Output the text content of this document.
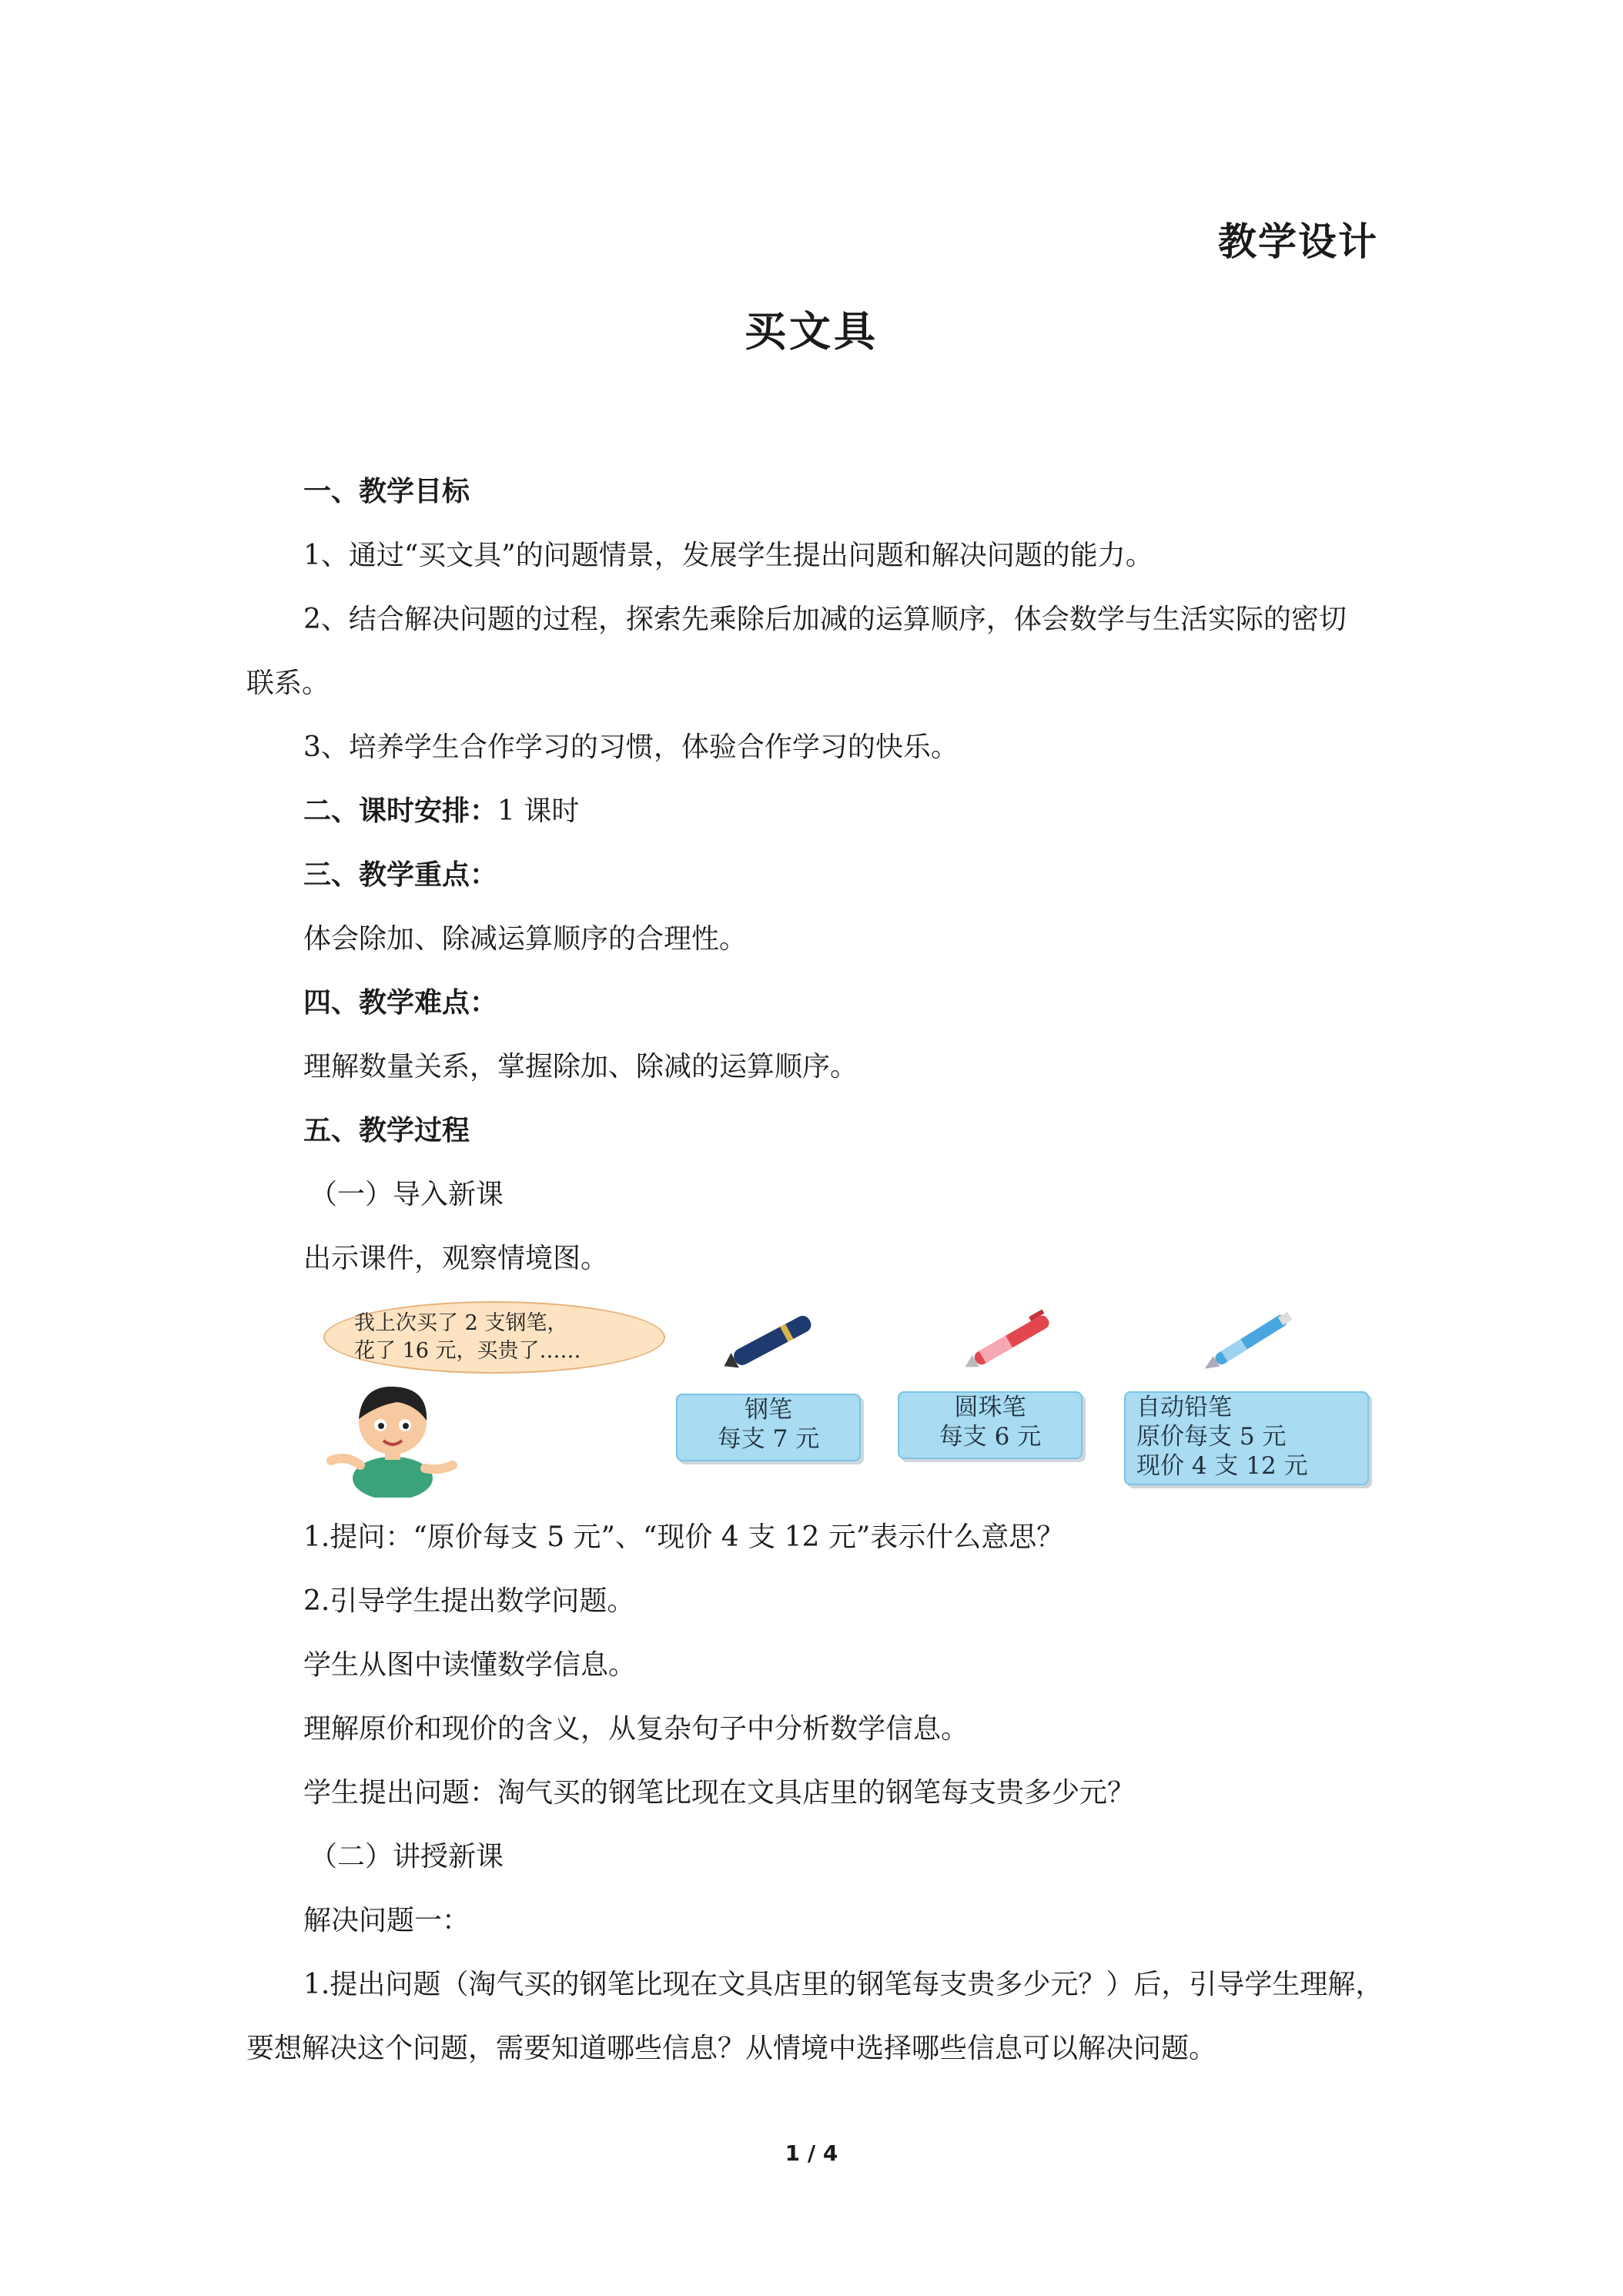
教学设计
买文具
一、教学目标
1、通过“买文具”的问题情景，发展学生提出问题和解决问题的能力。
2、结合解决问题的过程，探索先乘除后加减的运算顺序，体会数学与生活实际的密切
联系。
3、培养学生合作学习的习惯，体验合作学习的快乐。
二、课时安排：1 课时
三、教学重点：
体会除加、除减运算顺序的合理性。
四、教学难点：
理解数量关系，掌握除加、除减的运算顺序。
五、教学过程
（一）导入新课
出示课件，观察情境图。
我上次买了 2 支钢笔，
花了 16 元，买贵了……
钢笔
每支 7 元
圆珠笔
每支 6 元
自动铅笔
原价每支 5 元
现价 4 支 12 元
1.提问：“原价每支 5 元”、“现价 4 支 12 元”表示什么意思？
2.引导学生提出数学问题。
学生从图中读懂数学信息。
理解原价和现价的含义，从复杂句子中分析数学信息。
学生提出问题：淘气买的钢笔比现在文具店里的钢笔每支贵多少元？
（二）讲授新课
解决问题一：
1.提出问题（淘气买的钢笔比现在文具店里的钢笔每支贵多少元？）后，引导学生理解，
要想解决这个问题，需要知道哪些信息？从情境中选择哪些信息可以解决问题。
1 / 4
